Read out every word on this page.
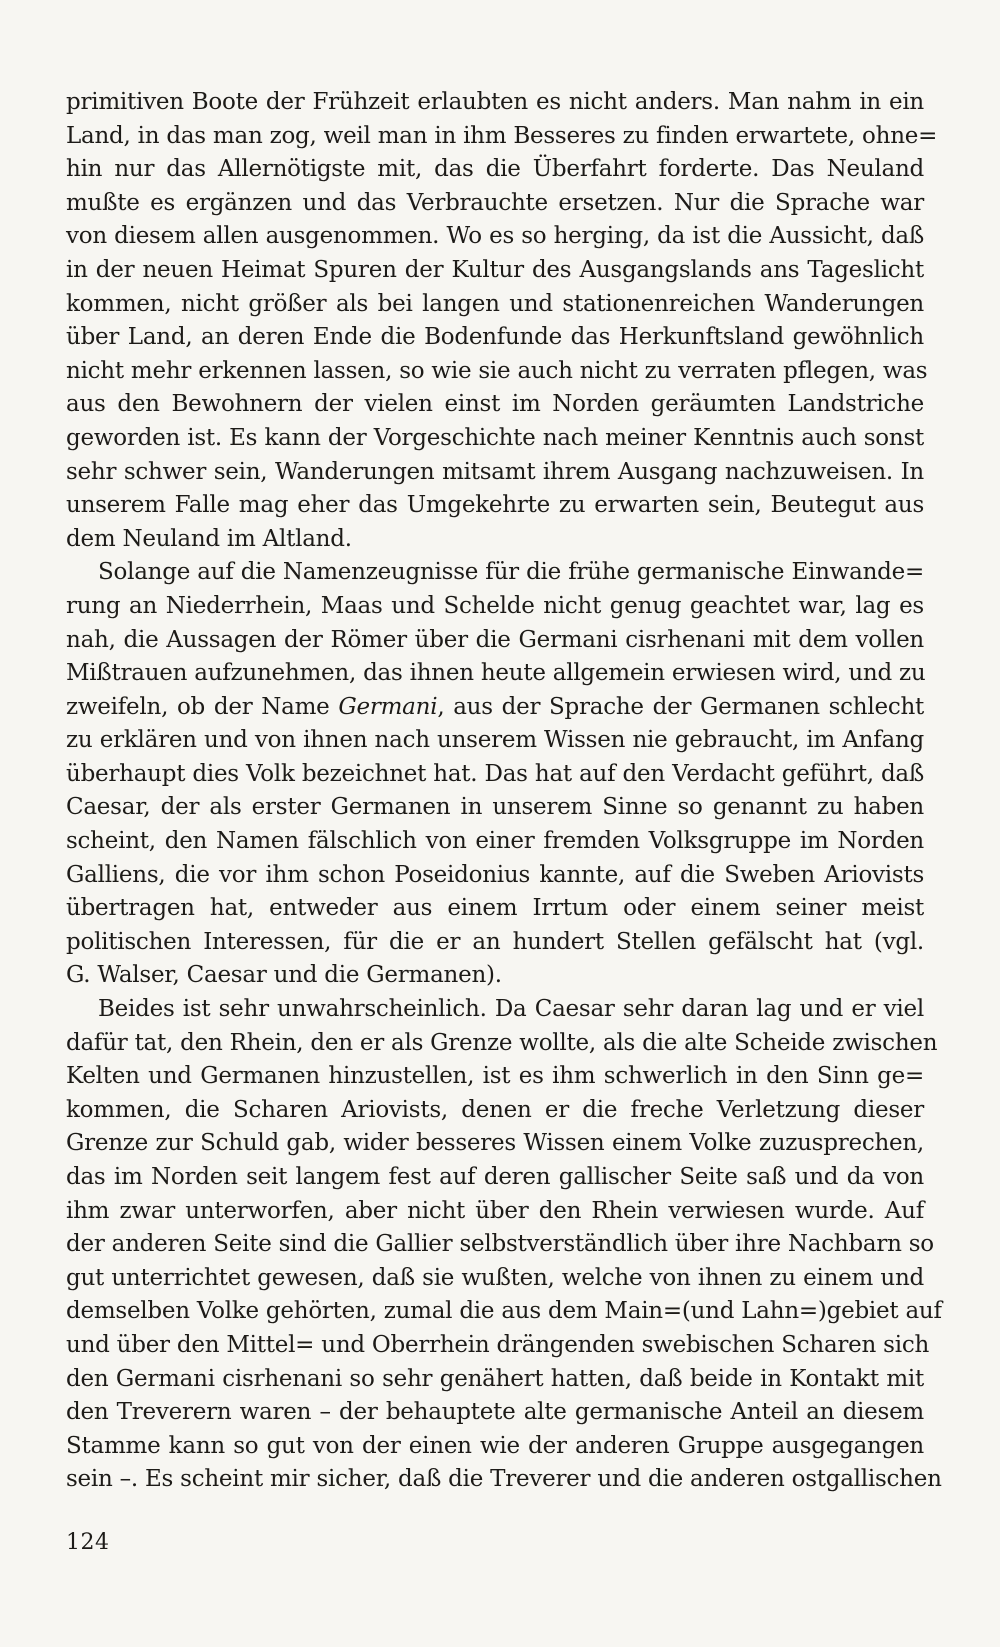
primitiven Boote der Frühzeit erlaubten es nicht anders. Man nahm in ein
Land, in das man zog, weil man in ihm Besseres zu finden erwartete, ohne=
hin nur das Allernötigste mit, das die Überfahrt forderte. Das Neuland
mußte es ergänzen und das Verbrauchte ersetzen. Nur die Sprache war
von diesem allen ausgenommen. Wo es so herging, da ist die Aussicht, daß
in der neuen Heimat Spuren der Kultur des Ausgangslands ans Tageslicht
kommen, nicht größer als bei langen und stationenreichen Wanderungen
über Land, an deren Ende die Bodenfunde das Herkunftsland gewöhnlich
nicht mehr erkennen lassen, so wie sie auch nicht zu verraten pflegen, was
aus den Bewohnern der vielen einst im Norden geräumten Landstriche
geworden ist. Es kann der Vorgeschichte nach meiner Kenntnis auch sonst
sehr schwer sein, Wanderungen mitsamt ihrem Ausgang nachzuweisen. In
unserem Falle mag eher das Umgekehrte zu erwarten sein, Beutegut aus
dem Neuland im Altland.
Solange auf die Namenzeugnisse für die frühe germanische Einwande=
rung an Niederrhein, Maas und Schelde nicht genug geachtet war, lag es
nah, die Aussagen der Römer über die Germani cisrhenani mit dem vollen
Mißtrauen aufzunehmen, das ihnen heute allgemein erwiesen wird, und zu
zweifeln, ob der Name Germani, aus der Sprache der Germanen schlecht
zu erklären und von ihnen nach unserem Wissen nie gebraucht, im Anfang
überhaupt dies Volk bezeichnet hat. Das hat auf den Verdacht geführt, daß
Caesar, der als erster Germanen in unserem Sinne so genannt zu haben
scheint, den Namen fälschlich von einer fremden Volksgruppe im Norden
Galliens, die vor ihm schon Poseidonius kannte, auf die Sweben Ariovists
übertragen hat, entweder aus einem Irrtum oder einem seiner meist
politischen Interessen, für die er an hundert Stellen gefälscht hat (vgl.
G. Walser, Caesar und die Germanen).
Beides ist sehr unwahrscheinlich. Da Caesar sehr daran lag und er viel
dafür tat, den Rhein, den er als Grenze wollte, als die alte Scheide zwischen
Kelten und Germanen hinzustellen, ist es ihm schwerlich in den Sinn ge=
kommen, die Scharen Ariovists, denen er die freche Verletzung dieser
Grenze zur Schuld gab, wider besseres Wissen einem Volke zuzusprechen,
das im Norden seit langem fest auf deren gallischer Seite saß und da von
ihm zwar unterworfen, aber nicht über den Rhein verwiesen wurde. Auf
der anderen Seite sind die Gallier selbstverständlich über ihre Nachbarn so
gut unterrichtet gewesen, daß sie wußten, welche von ihnen zu einem und
demselben Volke gehörten, zumal die aus dem Main=(und Lahn=)gebiet auf
und über den Mittel= und Oberrhein drängenden swebischen Scharen sich
den Germani cisrhenani so sehr genähert hatten, daß beide in Kontakt mit
den Treverern waren – der behauptete alte germanische Anteil an diesem
Stamme kann so gut von der einen wie der anderen Gruppe ausgegangen
sein –. Es scheint mir sicher, daß die Treverer und die anderen ostgallischen
124
